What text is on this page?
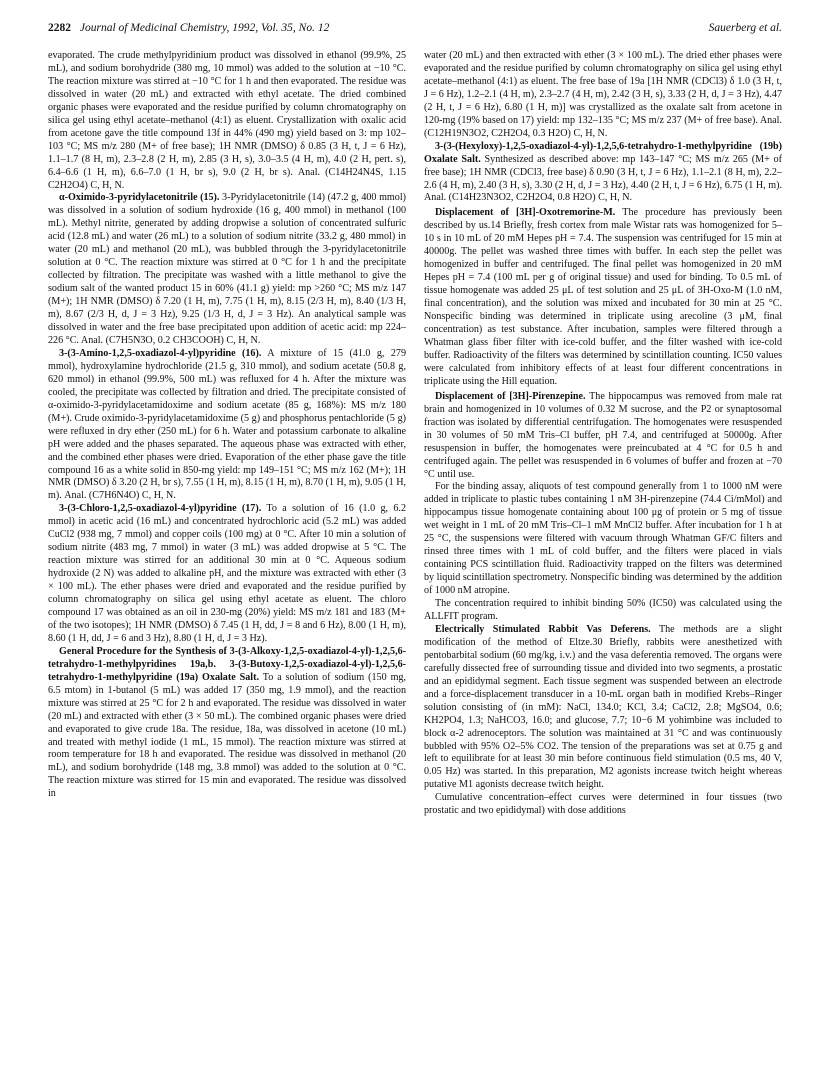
2282 Journal of Medicinal Chemistry, 1992, Vol. 35, No. 12	Sauerberg et al.

evaporated. The crude methylpyridinium product was dissolved in ethanol (99.9%, 25 mL), and sodium borohydride (380 mg, 10 mmol) was added to the solution at −10 °C. The reaction mixture was stirred at −10 °C for 1 h and then evaporated. The residue was dissolved in water (20 mL) and extracted with ethyl acetate. The dried combined organic phases were evaporated and the residue purified by column chromatography on silica gel using ethyl acetate–methanol (4:1) as eluent. Crystallization with oxalic acid from acetone gave the title compound 13f in 44% (490 mg) yield based on 3: mp 102–103 °C; MS m/z 280 (M+ of free base); 1H NMR (DMSO) δ 0.85 (3 H, t, J = 6 Hz), 1.1–1.7 (8 H, m), 2.3–2.8 (2 H, m), 2.85 (3 H, s), 3.0–3.5 (4 H, m), 4.0 (2 H, pert. s), 6.4–6.6 (1 H, m), 6.6–7.0 (1 H, br s), 9.0 (2 H, br s). Anal. (C14H24N4S, 1.15 C2H2O4) C, H, N.

α-Oximido-3-pyridylacetonitrile (15). 3-Pyridylacetonitrile (14) (47.2 g, 400 mmol) was dissolved in a solution of sodium hydroxide (16 g, 400 mmol) in methanol (100 mL). Methyl nitrite, generated by adding dropwise a solution of concentrated sulfuric acid (12.8 mL) and water (26 mL) to a solution of sodium nitrite (33.2 g, 480 mmol) in water (20 mL) and methanol (20 mL), was bubbled through the 3-pyridylacetonitrile solution at 0 °C. The reaction mixture was stirred at 0 °C for 1 h and the precipitate collected by filtration. The precipitate was washed with a little methanol to give the sodium salt of the wanted product 15 in 60% (41.1 g) yield: mp >260 °C; MS m/z 147 (M+); 1H NMR (DMSO) δ 7.20 (1 H, m), 7.75 (1 H, m), 8.15 (2/3 H, m), 8.40 (1/3 H, m), 8.67 (2/3 H, d, J = 3 Hz), 9.25 (1/3 H, d, J = 3 Hz). An analytical sample was dissolved in water and the free base precipitated upon addition of acetic acid: mp 224–226 °C. Anal. (C7H5N3O, 0.2 CH3COOH) C, H, N.

3-(3-Amino-1,2,5-oxadiazol-4-yl)pyridine (16). A mixture of 15 (41.0 g, 279 mmol), hydroxylamine hydrochloride (21.5 g, 310 mmol), and sodium acetate (50.8 g, 620 mmol) in ethanol (99.9%, 500 mL) was refluxed for 4 h. After the mixture was cooled, the precipitate was collected by filtration and dried. The precipitate consisted of α-oximido-3-pyridylacetamidoxime and sodium acetate (85 g, 168%): MS m/z 180 (M+). Crude oximido-3-pyridylacetamidoxime (5 g) and phosphorus pentachloride (5 g) were refluxed in dry ether (250 mL) for 6 h. Water and potassium carbonate to alkaline pH were added and the phases separated. The aqueous phase was extracted with ether, and the combined ether phases were dried. Evaporation of the ether phase gave the title compound 16 as a white solid in 850-mg yield: mp 149–151 °C; MS m/z 162 (M+); 1H NMR (DMSO) δ 3.20 (2 H, br s), 7.55 (1 H, m), 8.15 (1 H, m), 8.70 (1 H, m), 9.05 (1 H, m). Anal. (C7H6N4O) C, H, N.

3-(3-Chloro-1,2,5-oxadiazol-4-yl)pyridine (17). To a solution of 16 (1.0 g, 6.2 mmol) in acetic acid (16 mL) and concentrated hydrochloric acid (5.2 mL) was added CuCl2 (938 mg, 7 mmol) and copper coils (100 mg) at 0 °C. After 10 min a solution of sodium nitrite (483 mg, 7 mmol) in water (3 mL) was added dropwise at 5 °C. The reaction mixture was stirred for an additional 30 min at 0 °C. Aqueous sodium hydroxide (2 N) was added to alkaline pH, and the mixture was extracted with ether (3 × 100 mL). The ether phases were dried and evaporated and the residue purified by column chromatography on silica gel using ethyl acetate as eluent. The chloro compound 17 was obtained as an oil in 230-mg (20%) yield: MS m/z 181 and 183 (M+ of the two isotopes); 1H NMR (DMSO) δ 7.45 (1 H, dd, J = 8 and 6 Hz), 8.00 (1 H, m), 8.60 (1 H, dd, J = 6 and 3 Hz), 8.80 (1 H, d, J = 3 Hz).

General Procedure for the Synthesis of 3-(3-Alkoxy-1,2,5-oxadiazol-4-yl)-1,2,5,6-tetrahydro-1-methylpyridines 19a,b. 3-(3-Butoxy-1,2,5-oxadiazol-4-yl)-1,2,5,6-tetrahydro-1-methylpyridine (19a) Oxalate Salt. To a solution of sodium (150 mg, 6.5 mtom) in 1-butanol (5 mL) was added 17 (350 mg, 1.9 mmol), and the reaction mixture was stirred at 25 °C for 2 h and evaporated. The residue was dissolved in water (20 mL) and extracted with ether (3 × 50 mL). The combined organic phases were dried and evaporated to give crude 18a. The residue, 18a, was dissolved in acetone (10 mL) and treated with methyl iodide (1 mL, 15 mmol). The reaction mixture was stirred at room temperature for 18 h and evaporated. The residue was dissolved in methanol (20 mL), and sodium borohydride (148 mg, 3.8 mmol) was added to the solution at 0 °C. The reaction mixture was stirred for 15 min and evaporated. The residue was dissolved in

water (20 mL) and then extracted with ether (3 × 100 mL). The dried ether phases were evaporated and the residue purified by column chromatography on silica gel using ethyl acetate–methanol (4:1) as eluent. The free base of 19a [1H NMR (CDCl3) δ 1.0 (3 H, t, J = 6 Hz), 1.2–2.1 (4 H, m), 2.3–2.7 (4 H, m), 2.42 (3 H, s), 3.33 (2 H, d, J = 3 Hz), 4.47 (2 H, t, J = 6 Hz), 6.80 (1 H, m)] was crystallized as the oxalate salt from acetone in 120-mg (19% based on 17) yield: mp 132–135 °C; MS m/z 237 (M+ of free base). Anal. (C12H19N3O2, C2H2O4, 0.3 H2O) C, H, N.

3-(3-(Hexyloxy)-1,2,5-oxadiazol-4-yl)-1,2,5,6-tetrahydro-1-methylpyridine (19b) Oxalate Salt. Synthesized as described above: mp 143–147 °C; MS m/z 265 (M+ of free base); 1H NMR (CDCl3, free base) δ 0.90 (3 H, t, J = 6 Hz), 1.1–2.1 (8 H, m), 2.2–2.6 (4 H, m), 2.40 (3 H, s), 3.30 (2 H, d, J = 3 Hz), 4.40 (2 H, t, J = 6 Hz), 6.75 (1 H, m). Anal. (C14H23N3O2, C2H2O4, 0.8 H2O) C, H, N.

Displacement of [3H]-Oxotremorine-M. The procedure has previously been described by us.14 Briefly, fresh cortex from male Wistar rats was homogenized for 5–10 s in 10 mL of 20 mM Hepes pH = 7.4. The suspension was centrifuged for 15 min at 40000g. The pellet was washed three times with buffer. In each step the pellet was homogenized in buffer and centrifuged. The final pellet was homogenized in 20 mM Hepes pH = 7.4 (100 mL per g of original tissue) and used for binding. To 0.5 mL of tissue homogenate was added 25 μL of test solution and 25 μL of 3H-Oxo-M (1.0 nM, final concentration), and the solution was mixed and incubated for 30 min at 25 °C. Nonspecific binding was determined in triplicate using arecoline (3 μM, final concentration) as test substance. After incubation, samples were filtered through a Whatman glass fiber filter with ice-cold buffer, and the filter washed with ice-cold buffer. Radioactivity of the filters was determined by scintillation counting. IC50 values were calculated from inhibitory effects of at least four different concentrations in triplicate using the Hill equation.

Displacement of [3H]-Pirenzepine. The hippocampus was removed from male rat brain and homogenized in 10 volumes of 0.32 M sucrose, and the P2 or synaptosomal fraction was isolated by differential centrifugation. The homogenates were resuspended in 30 volumes of 50 mM Tris–Cl buffer, pH 7.4, and centrifuged at 50000g. After resuspension in buffer, the homogenates were preincubated at 4 °C for 0.5 h and centrifuged again. The pellet was resuspended in 6 volumes of buffer and frozen at −70 °C until use.

For the binding assay, aliquots of test compound generally from 1 to 1000 nM were added in triplicate to plastic tubes containing 1 nM 3H-pirenzepine (74.4 Ci/mMol) and hippocampus tissue homogenate containing about 100 μg of protein or 5 mg of tissue wet weight in 1 mL of 20 mM Tris–Cl–1 mM MnCl2 buffer. After incubation for 1 h at 25 °C, the suspensions were filtered with vacuum through Whatman GF/C filters and rinsed three times with 1 mL of cold buffer, and the filters were placed in vials containing PCS scintillation fluid. Radioactivity trapped on the filters was determined by liquid scintillation spectrometry. Nonspecific binding was determined by the addition of 1000 nM atropine.

The concentration required to inhibit binding 50% (IC50) was calculated using the ALLFIT program.

Electrically Stimulated Rabbit Vas Deferens. The methods are a slight modification of the method of Eltze.30 Briefly, rabbits were anesthetized with pentobarbital sodium (60 mg/kg, i.v.) and the vasa deferentia removed. The organs were carefully dissected free of surrounding tissue and divided into two segments, a prostatic and an epididymal segment. Each tissue segment was suspended between an electrode and a force-displacement transducer in a 10-mL organ bath in modified Krebs–Ringer solution consisting of (in mM): NaCl, 134.0; KCl, 3.4; CaCl2, 2.8; MgSO4, 0.6; KH2PO4, 1.3; NaHCO3, 16.0; and glucose, 7.7; 10−6 M yohimbine was included to block α-2 adrenoceptors. The solution was maintained at 31 °C and was continuously bubbled with 95% O2–5% CO2. The tension of the preparations was set at 0.75 g and left to equilibrate for at least 30 min before continuous field stimulation (0.5 ms, 40 V, 0.05 Hz) was started. In this preparation, M2 agonists increase twitch height whereas putative M1 agonists decrease twitch height.

Cumulative concentration–effect curves were determined in four tissues (two prostatic and two epididymal) with dose additions
